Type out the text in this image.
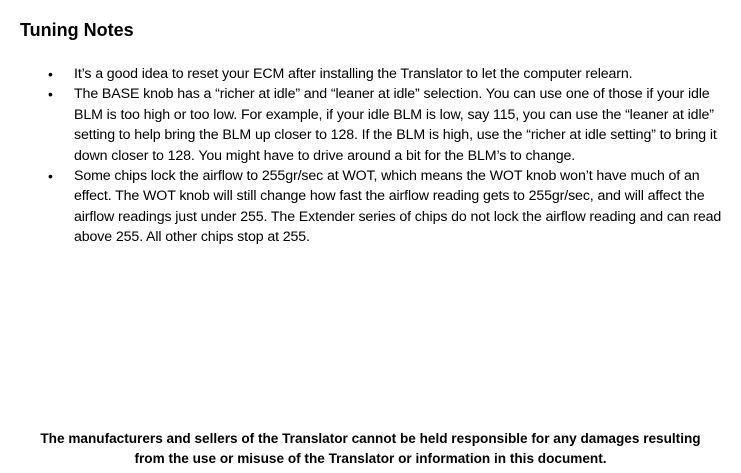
Tuning Notes
• It’s a good idea to reset your ECM after installing the Translator to let the computer relearn.
• The BASE knob has a “richer at idle” and “leaner at idle” selection. You can use one of those if your idle BLM is too high or too low. For example, if your idle BLM is low, say 115, you can use the “leaner at idle” setting to help bring the BLM up closer to 128. If the BLM is high, use the “richer at idle setting” to bring it down closer to 128. You might have to drive around a bit for the BLM’s to change.
• Some chips lock the airflow to 255gr/sec at WOT, which means the WOT knob won’t have much of an effect. The WOT knob will still change how fast the airflow reading gets to 255gr/sec, and will affect the airflow readings just under 255. The Extender series of chips do not lock the airflow reading and can read above 255. All other chips stop at 255.

The manufacturers and sellers of the Translator cannot be held responsible for any damages resulting
from the use or misuse of the Translator or information in this document.
